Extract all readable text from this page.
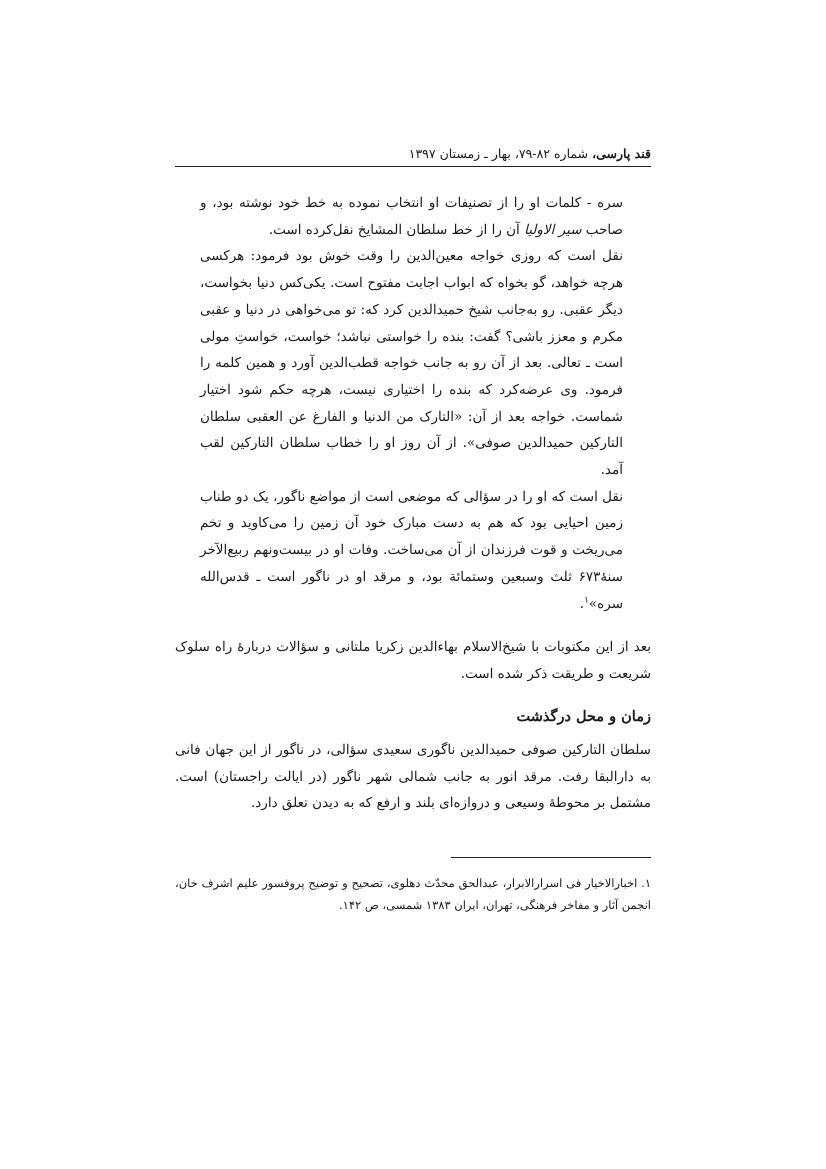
قند پارسی، شماره ۸۲-۷۹، بهار ـ زمستان ۱۳۹۷

سره - کلمات او را از تصنیفات او انتخاب نموده به خط خود نوشته بود، و صاحب سیر الاولیا آن را از خط سلطان المشایخ نقل‌کرده است.

نقل است که روزی خواجه معین‌الدین را وقت خوش بود فرمود: هرکسی هرچه خواهد، گو بخواه که ابواب اجابت مفتوح است. یکی‌کس دنیا بخواست، دیگر عقبی. رو به‌جانب شیخ حمیدالدین کرد که: تو می‌خواهی در دنیا و عقبی مکرم و معزز باشی؟ گفت: بنده را خواستی نباشد؛ خواست، خواستِ مولی است ـ تعالی. بعد از آن رو به جانب خواجه قطب‌الدین آورد و همین کلمه را فرمود. وی عرضه‌کرد که بنده را اختیاری نیست، هرچه حکم شود اختیار شماست. خواجه بعد از آن: «التارک من الدنیا و الفارغ عن العقبی سلطان التارکین حمیدالدین صوفی». از آن روز او را خطاب سلطان التارکین لقب آمد.

نقل است که او را در سؤالی که موضعی است از مواضع ناگور، یک دو طناب زمین احیایی بود که هم به دست مبارک خود آن زمین را می‌کاوید و تخم می‌ریخت و قوت فرزندان از آن می‌ساخت. وفات او در بیست‌ونهم ربیع‌الآخر سنهٔ۶۷۳ ثلث وسبعین وستمائة بود، و مرقد او در ناگور است ـ قدس‌الله سره»$^۱$.

بعد از این مکتوبات با شیخ‌الاسلام بهاءالدین زکریا ملتانی و سؤالات دربارهٔ راه سلوک شریعت و طریقت ذکر شده است.

زمان و محل درگذشت

سلطان التارکین صوفی حمیدالدین ناگوری سعیدی سؤالی، در ناگور از این جهان فانی به دارالبقا رفت. مرقد انور به جانب شمالی شهر ناگور (در ایالت راجستان) است. مشتمل بر محوطهٔ وسیعی و دروازه‌ای بلند و ارفع که به دیدن تعلق دارد.

۱. اخبارالاخیار فی اسرارالابرار، عبدالحق محدّث دهلوی، تصحیح و توضیح پروفسور علیم اشرف خان، انجمن آثار و مفاخر فرهنگی، تهران، ایران ۱۳۸۳ شمسی، ص ۱۴۲.
